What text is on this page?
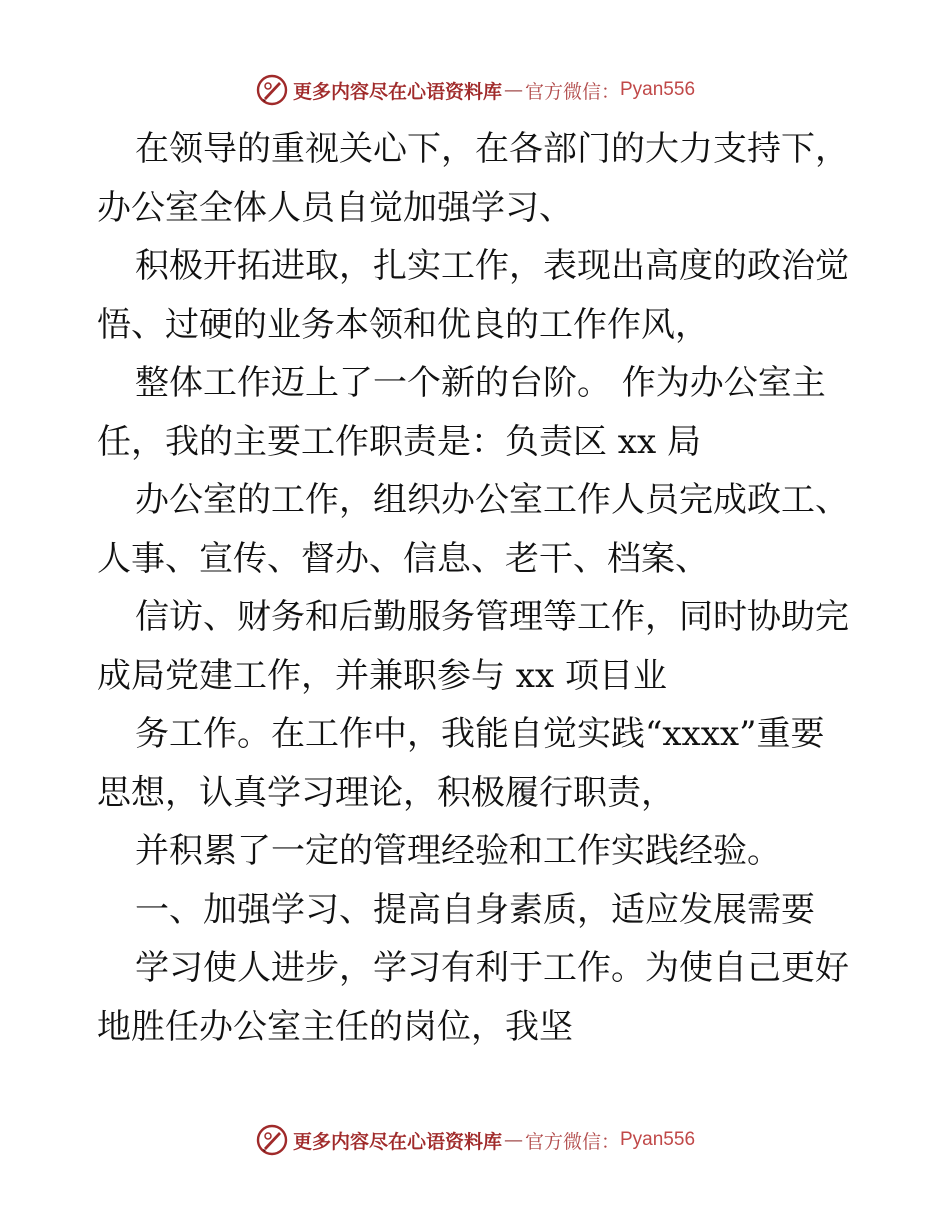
更多内容尽在心语资料库 — 官方微信： Pyan556
在领导的重视关心下，在各部门的大力支持下，
办公室全体人员自觉加强学习、
积极开拓进取，扎实工作，表现出高度的政治觉
悟、过硬的业务本领和优良的工作作风，
整体工作迈上了一个新的台阶。 作为办公室主
任，我的主要工作职责是：负责区 xx 局
办公室的工作，组织办公室工作人员完成政工、
人事、宣传、督办、信息、老干、档案、
信访、财务和后勤服务管理等工作，同时协助完
成局党建工作，并兼职参与 xx 项目业
务工作。在工作中，我能自觉实践“xxxx”重要
思想，认真学习理论，积极履行职责，
并积累了一定的管理经验和工作实践经验。
一、加强学习、提高自身素质，适应发展需要
学习使人进步，学习有利于工作。为使自己更好
地胜任办公室主任的岗位，我坚
更多内容尽在心语资料库 — 官方微信： Pyan556
